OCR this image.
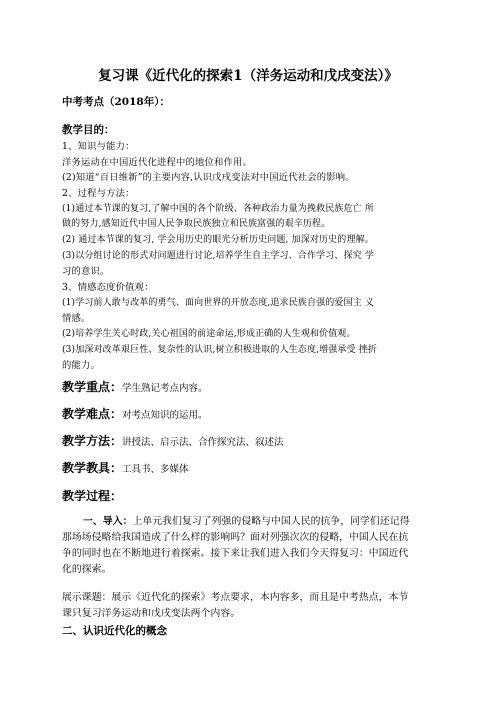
复习课《近代化的探索1（洋务运动和戊戌变法）》
中考考点（2018年）：
教学目的：
1、知识与能力：
洋务运动在中国近代化进程中的地位和作用。
(2)知道“百日维新”的主要内容,认识戊戌变法对中国近代社会的影响。
2、过程与方法：
(1)通过本节课的复习,了解中国的各个阶级、各种政治力量为挽救民族危亡 所
做的努力,感知近代中国人民争取民族独立和民族富强的艰辛历程。
(2) 通过本节课的复习, 学会用历史的眼光分析历史问题, 加深对历史的理解。
(3)以分组讨论的形式对问题进行讨论,培养学生自主学习、合作学习、探究 学
习的意识。
3、情感态度价值观：
(1)学习前人敢与改革的勇气、面向世界的开放态度,追求民族自强的爱国主 义
情感。
(2)培养学生关心时政,关心祖国的前途命运,形成正确的人生观和价值观。
(3)加深对改革艰巨性、复杂性的认识,树立积极进取的人生态度,增强承受 挫折
的能力。
教学重点：学生熟记考点内容。
教学难点：对考点知识的运用。
教学方法：讲授法、启示法、合作探究法、叙述法
教学教具：工具书、多媒体
教学过程：
一、导入：上单元我们复习了列强的侵略与中国人民的抗争，同学们还记得
那场场侵略给我国造成了什么样的影响吗？面对列强次次的侵略，中国人民在抗
争的同时也在不断地进行着探索。接下来让我们进入我们今天得复习：中国近代
化的探索。
展示课题：展示《近代化的探索》考点要求，本内容多，而且是中考热点，本节
课只复习洋务运动和戊戌变法两个内容。
二、认识近代化的概念
